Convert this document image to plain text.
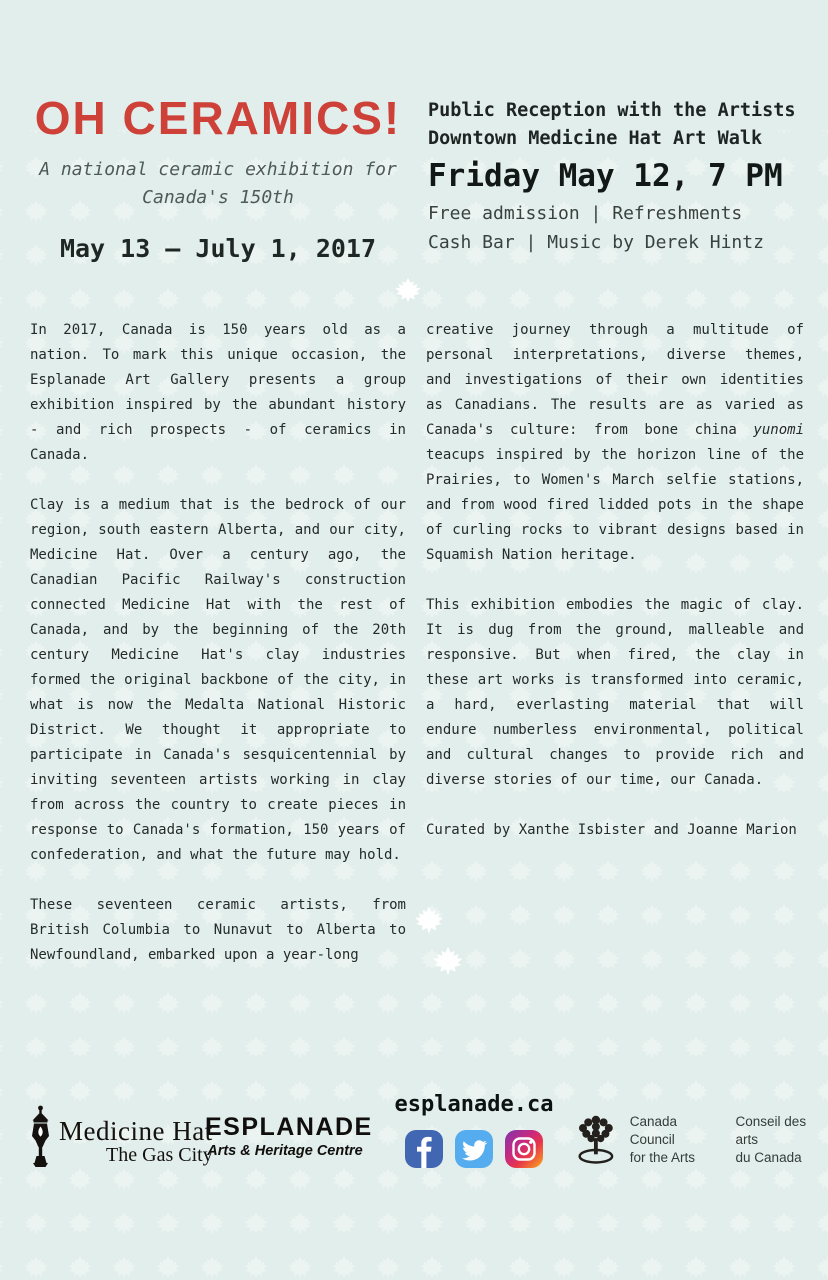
OH CERAMICS!

A national ceramic exhibition for Canada's 150th

May 13 – July 1, 2017

Public Reception with the Artists

Downtown Medicine Hat Art Walk

Friday May 12, 7 PM

Free admission | Refreshments

Cash Bar | Music by Derek Hintz

In 2017, Canada is 150 years old as a nation. To mark this unique occasion, the Esplanade Art Gallery presents a group exhibition inspired by the abundant history - and rich prospects - of ceramics in Canada.

Clay is a medium that is the bedrock of our region, south eastern Alberta, and our city, Medicine Hat. Over a century ago, the Canadian Pacific Railway's construction connected Medicine Hat with the rest of Canada, and by the beginning of the 20th century Medicine Hat's clay industries formed the original backbone of the city, in what is now the Medalta National Historic District. We thought it appropriate to participate in Canada's sesquicentennial by inviting seventeen artists working in clay from across the country to create pieces in response to Canada's formation, 150 years of confederation, and what the future may hold.

These seventeen ceramic artists, from British Columbia to Nunavut to Alberta to Newfoundland, embarked upon a year-long

creative journey through a multitude of personal interpretations, diverse themes, and investigations of their own identities as Canadians. The results are as varied as Canada's culture: from bone china yunomi teacups inspired by the horizon line of the Prairies, to Women's March selfie stations, and from wood fired lidded pots in the shape of curling rocks to vibrant designs based in Squamish Nation heritage.

This exhibition embodies the magic of clay. It is dug from the ground, malleable and responsive. But when fired, the clay in these art works is transformed into ceramic, a hard, everlasting material that will endure numberless environmental, political and cultural changes to provide rich and diverse stories of our time, our Canada.

Curated by Xanthe Isbister and Joanne Marion

Medicine Hat
The Gas City
ESPLANADE
Arts & Heritage Centre
esplanade.ca
Canada Council
for the Arts
Conseil des arts
du Canada
